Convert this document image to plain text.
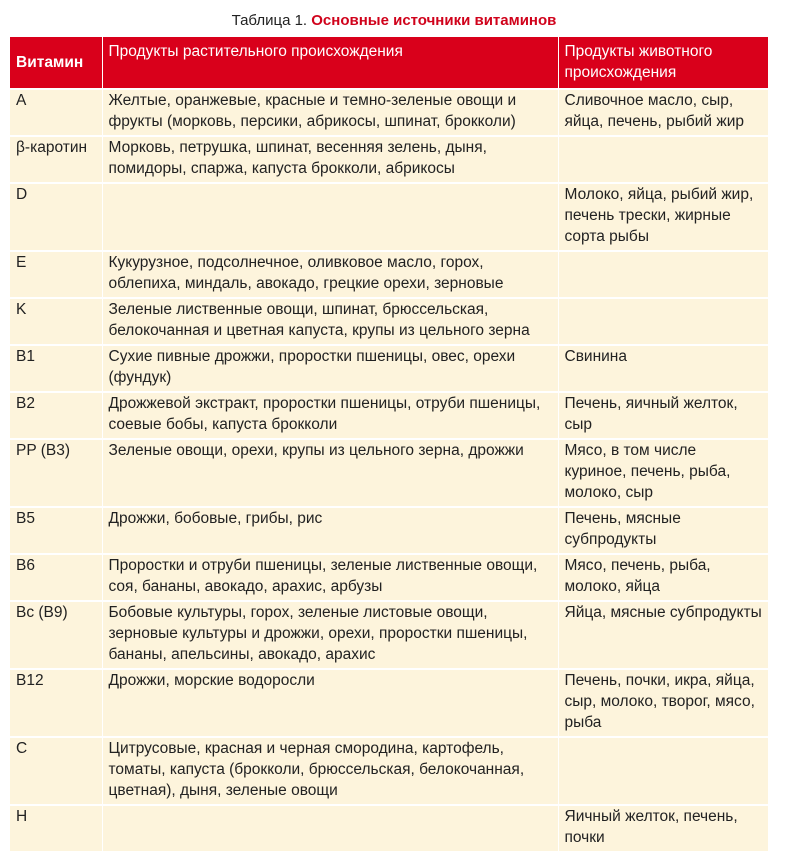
Таблица 1. Основные источники витаминов
Витамин	Продукты растительного происхождения	Продукты животного происхождения
A	Желтые, оранжевые, красные и темно-зеленые овощи и фрукты (морковь, персики, абрикосы, шпинат, брокколи)	Сливочное масло, сыр, яйца, печень, рыбий жир
β-каротин	Морковь, петрушка, шпинат, весенняя зелень, дыня, помидоры, спаржа, капуста брокколи, абрикосы	
D		Молоко, яйца, рыбий жир, печень трески, жирные сорта рыбы
E	Кукурузное, подсолнечное, оливковое масло, горох, облепиха, миндаль, авокадо, грецкие орехи, зерновые	
K	Зеленые лиственные овощи, шпинат, брюссельская, белокочанная и цветная капуста, крупы из цельного зерна	
B1	Сухие пивные дрожжи, проростки пшеницы, овес, орехи (фундук)	Свинина
B2	Дрожжевой экстракт, проростки пшеницы, отруби пшеницы, соевые бобы, капуста брокколи	Печень, яичный желток, сыр
PP (B3)	Зеленые овощи, орехи, крупы из цельного зерна, дрожжи	Мясо, в том числе куриное, печень, рыба, молоко, сыр
B5	Дрожжи, бобовые, грибы, рис	Печень, мясные субпродукты
B6	Проростки и отруби пшеницы, зеленые лиственные овощи, соя, бананы, авокадо, арахис, арбузы	Мясо, печень, рыба, молоко, яйца
Bc (B9)	Бобовые культуры, горох, зеленые листовые овощи, зерновые культуры и дрожжи, орехи, проростки пшеницы, бананы, апельсины, авокадо, арахис	Яйца, мясные субпродукты
B12	Дрожжи, морские водоросли	Печень, почки, икра, яйца, сыр, молоко, творог, мясо, рыба
C	Цитрусовые, красная и черная смородина, картофель, томаты, капуста (брокколи, брюссельская, белокочанная, цветная), дыня, зеленые овощи	
H		Яичный желток, печень, почки
